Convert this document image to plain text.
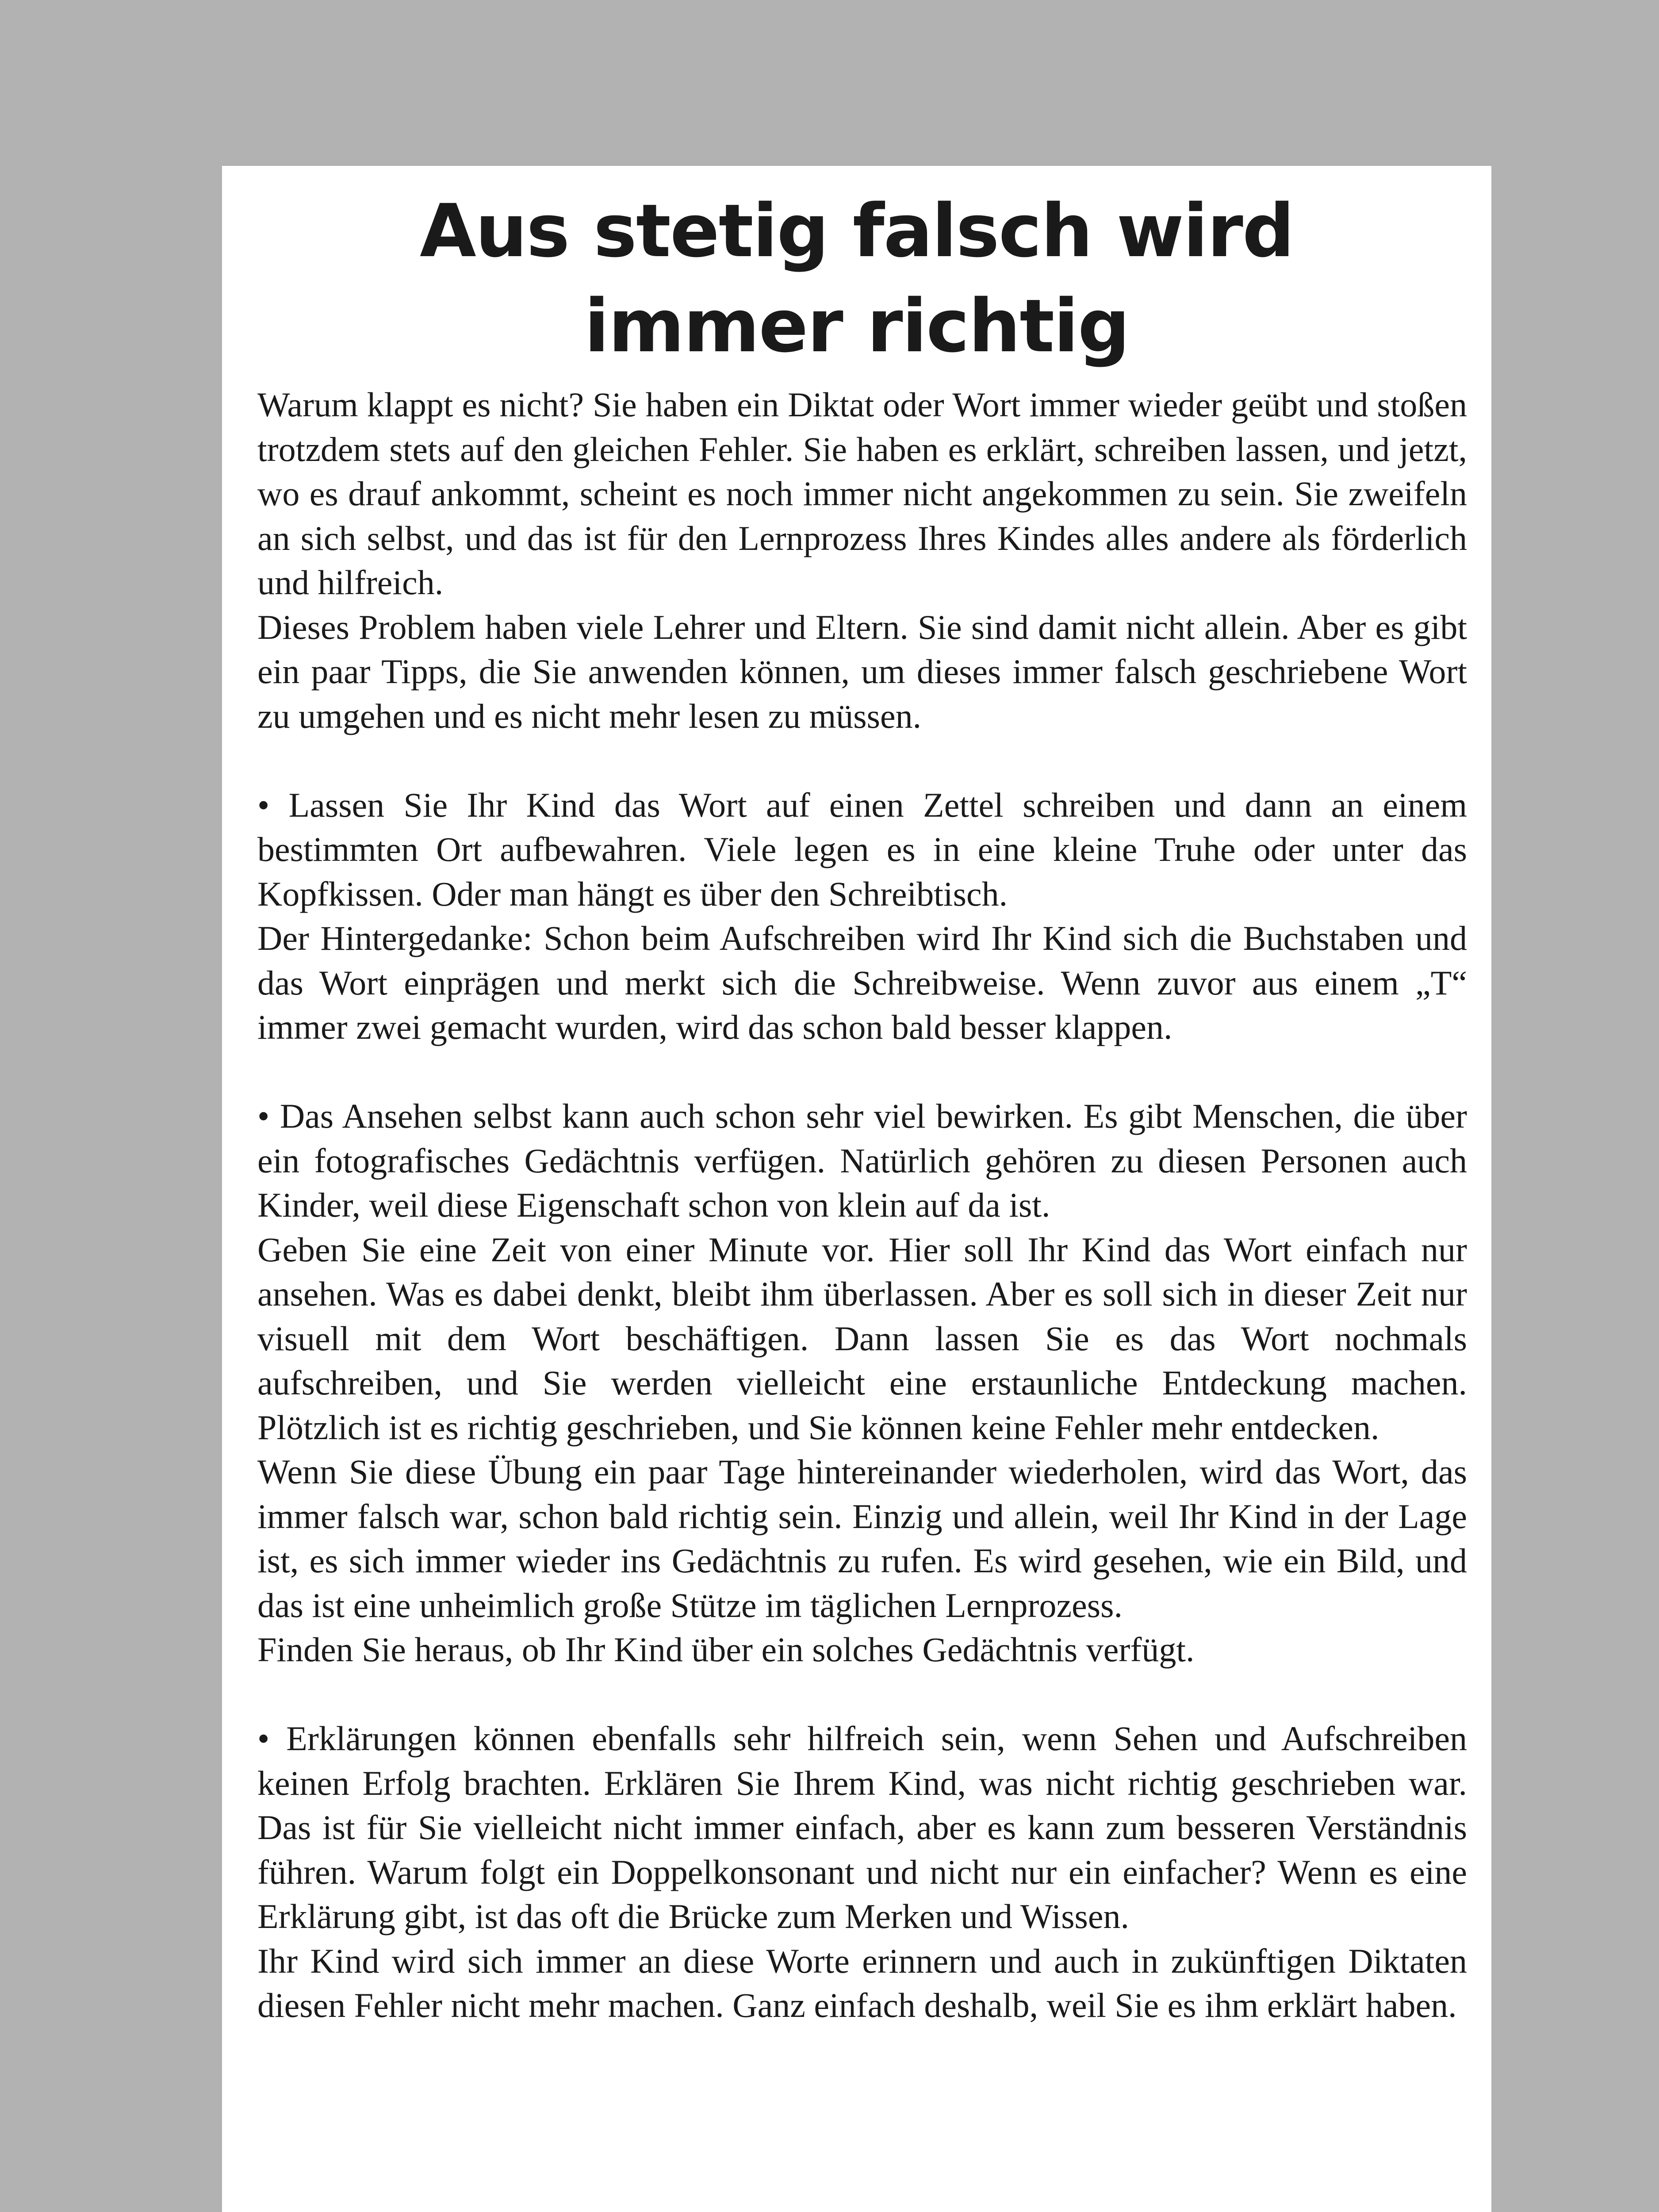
Aus stetig falsch wird
immer richtig

Warum klappt es nicht? Sie haben ein Diktat oder Wort immer wieder geübt und stoßen trotzdem stets auf den gleichen Fehler. Sie haben es erklärt, schreiben lassen, und jetzt, wo es drauf ankommt, scheint es noch immer nicht angekommen zu sein. Sie zweifeln an sich selbst, und das ist für den Lernprozess Ihres Kindes alles andere als förderlich und hilfreich.

Dieses Problem haben viele Lehrer und Eltern. Sie sind damit nicht allein. Aber es gibt ein paar Tipps, die Sie anwenden können, um dieses immer falsch geschriebene Wort zu umgehen und es nicht mehr lesen zu müssen.

• Lassen Sie Ihr Kind das Wort auf einen Zettel schreiben und dann an einem bestimmten Ort aufbewahren. Viele legen es in eine kleine Truhe oder unter das Kopfkissen. Oder man hängt es über den Schreibtisch.

Der Hintergedanke: Schon beim Aufschreiben wird Ihr Kind sich die Buchstaben und das Wort einprägen und merkt sich die Schreibweise. Wenn zuvor aus einem „T“ immer zwei gemacht wurden, wird das schon bald besser klappen.

• Das Ansehen selbst kann auch schon sehr viel bewirken. Es gibt Menschen, die über ein fotografisches Gedächtnis verfügen. Natürlich gehören zu diesen Personen auch Kinder, weil diese Eigenschaft schon von klein auf da ist.

Geben Sie eine Zeit von einer Minute vor. Hier soll Ihr Kind das Wort einfach nur ansehen. Was es dabei denkt, bleibt ihm überlassen. Aber es soll sich in dieser Zeit nur visuell mit dem Wort beschäftigen. Dann lassen Sie es das Wort nochmals aufschreiben, und Sie werden vielleicht eine erstaunliche Entdeckung machen. Plötzlich ist es richtig geschrieben, und Sie können keine Fehler mehr entdecken.

Wenn Sie diese Übung ein paar Tage hintereinander wiederholen, wird das Wort, das immer falsch war, schon bald richtig sein. Einzig und allein, weil Ihr Kind in der Lage ist, es sich immer wieder ins Gedächtnis zu rufen. Es wird gesehen, wie ein Bild, und das ist eine unheimlich große Stütze im täglichen Lernprozess.

Finden Sie heraus, ob Ihr Kind über ein solches Gedächtnis verfügt.

• Erklärungen können ebenfalls sehr hilfreich sein, wenn Sehen und Aufschreiben keinen Erfolg brachten. Erklären Sie Ihrem Kind, was nicht richtig geschrieben war. Das ist für Sie vielleicht nicht immer einfach, aber es kann zum besseren Verständnis führen. Warum folgt ein Doppelkonsonant und nicht nur ein einfacher? Wenn es eine Erklärung gibt, ist das oft die Brücke zum Merken und Wissen.

Ihr Kind wird sich immer an diese Worte erinnern und auch in zukünftigen Diktaten diesen Fehler nicht mehr machen. Ganz einfach deshalb, weil Sie es ihm erklärt haben.
